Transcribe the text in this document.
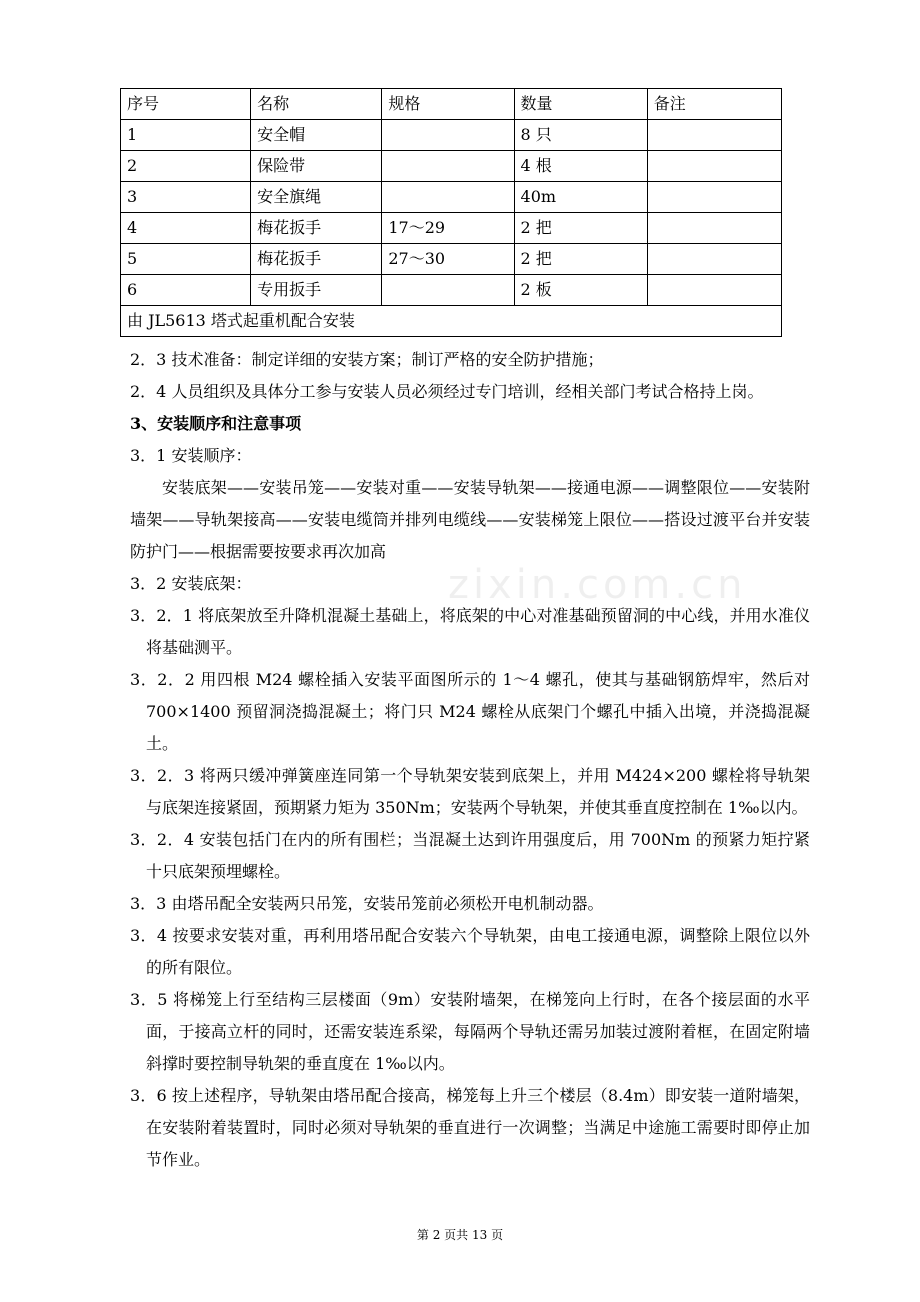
序号	名称	规格	数量	备注
1	安全帽		8 只	
2	保险带		4 根	
3	安全旗绳		40m	
4	梅花扳手	17～29	2 把	
5	梅花扳手	27～30	2 把	
6	专用扳手		2 板	
由 JL5613 塔式起重机配合安装				

2．3 技术准备：制定详细的安装方案；制订严格的安全防护措施；

2．4 人员组织及具体分工参与安装人员必须经过专门培训，经相关部门考试合格持上岗。

3、安装顺序和注意事项

3．1 安装顺序：

安装底架——安装吊笼——安装对重——安装导轨架——接通电源——调整限位——安装附墙架——导轨架接高——安装电缆筒并排列电缆线——安装梯笼上限位——搭设过渡平台并安装防护门——根据需要按要求再次加高

3．2 安装底架：

3．2．1 将底架放至升降机混凝土基础上，将底架的中心对准基础预留洞的中心线，并用水准仪将基础测平。

3．2．2 用四根 M24 螺栓插入安装平面图所示的 1～4 螺孔，使其与基础钢筋焊牢，然后对 700×1400 预留洞浇捣混凝土；将门只 M24 螺栓从底架门个螺孔中插入出境，并浇捣混凝土。

3．2．3 将两只缓冲弹簧座连同第一个导轨架安装到底架上，并用 M424×200 螺栓将导轨架与底架连接紧固，预期紧力矩为 350Nm；安装两个导轨架，并使其垂直度控制在 1‰以内。

3．2．4 安装包括门在内的所有围栏；当混凝土达到许用强度后，用 700Nm 的预紧力矩拧紧十只底架预埋螺栓。

3．3 由塔吊配全安装两只吊笼，安装吊笼前必须松开电机制动器。

3．4 按要求安装对重，再利用塔吊配合安装六个导轨架，由电工接通电源，调整除上限位以外的所有限位。

3．5 将梯笼上行至结构三层楼面（9m）安装附墙架，在梯笼向上行时，在各个接层面的水平面，于接高立杆的同时，还需安装连系梁，每隔两个导轨还需另加装过渡附着框，在固定附墙斜撑时要控制导轨架的垂直度在 1‰以内。

3．6 按上述程序，导轨架由塔吊配合接高，梯笼每上升三个楼层（8.4m）即安装一道附墙架，在安装附着装置时，同时必须对导轨架的垂直进行一次调整；当满足中途施工需要时即停止加节作业。

zixin.com.cn
第 2 页共 13 页
